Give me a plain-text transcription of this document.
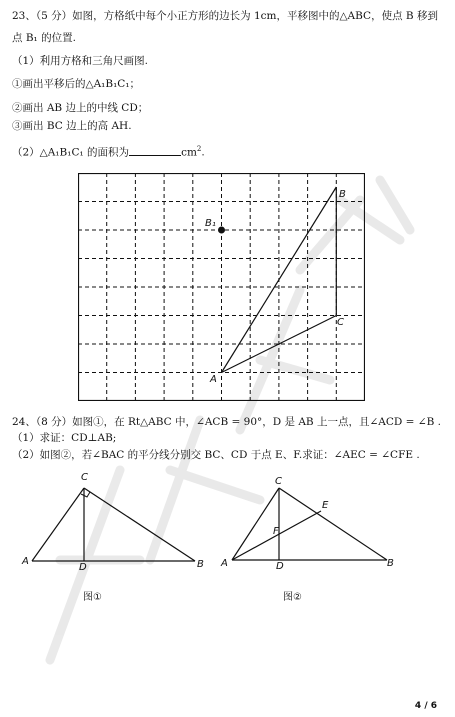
23、（5 分）如图，方格纸中每个小正方形的边长为 1cm，平移图中的△ABC，使点 B 移到
点 B₁ 的位置.
（1）利用方格和三角尺画图.
①画出平移后的△A₁B₁C₁；
②画出 AB 边上的中线 CD；
③画出 BC 边上的高 AH.
（2）△A₁B₁C₁ 的面积为	$cm^2$.
A
B
C
B₁
24、（8 分）如图①，在 Rt△ABC 中，∠ACB = 90°，D 是 AB 上一点，且∠ACD = ∠B .
（1）求证：CD⊥AB;
（2）如图②，若∠BAC 的平分线分别交 BC、CD 于点 E、F.求证：∠AEC = ∠CFE .
A	B
C
D
图①
A	B
C
D
E
F
图②
4 / 6
